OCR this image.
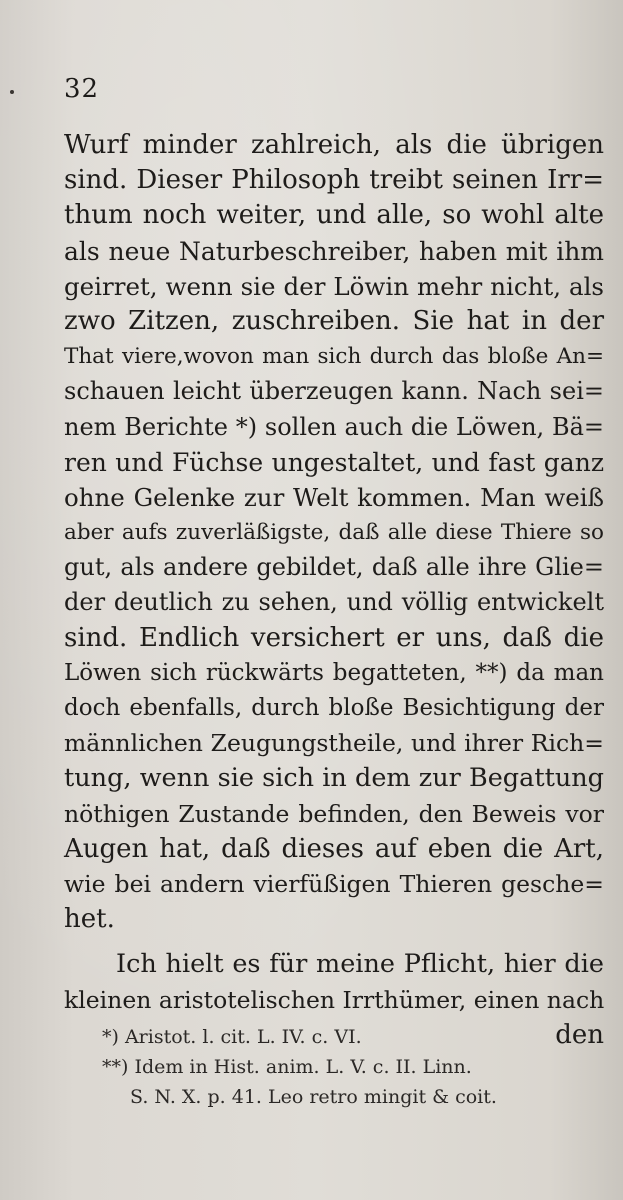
32
Wurf minder zahlreich, als die übrigen
sind. Dieser Philosoph treibt seinen Irr=
thum noch weiter, und alle, so wohl alte
als neue Naturbeschreiber, haben mit ihm
geirret, wenn sie der Löwin mehr nicht, als
zwo Zitzen, zuschreiben. Sie hat in der
That viere,wovon man sich durch das bloße An=
schauen leicht überzeugen kann. Nach sei=
nem Berichte *) sollen auch die Löwen, Bä=
ren und Füchse ungestaltet, und fast ganz
ohne Gelenke zur Welt kommen. Man weiß
aber aufs zuverläßigste, daß alle diese Thiere so
gut, als andere gebildet, daß alle ihre Glie=
der deutlich zu sehen, und völlig entwickelt
sind. Endlich versichert er uns, daß die
Löwen sich rückwärts begatteten, **) da man
doch ebenfalls, durch bloße Besichtigung der
männlichen Zeugungstheile, und ihrer Rich=
tung, wenn sie sich in dem zur Begattung
nöthigen Zustande befinden, den Beweis vor
Augen hat, daß dieses auf eben die Art,
wie bei andern vierfüßigen Thieren gesche=
het.
Ich hielt es für meine Pflicht, hier die
kleinen aristotelischen Irrthümer, einen nach
den
*) Aristot. l. cit. L. IV. c. VI.
**) Idem in Hist. anim. L. V. c. II. Linn.
S. N. X. p. 41. Leo retro mingit & coit.
